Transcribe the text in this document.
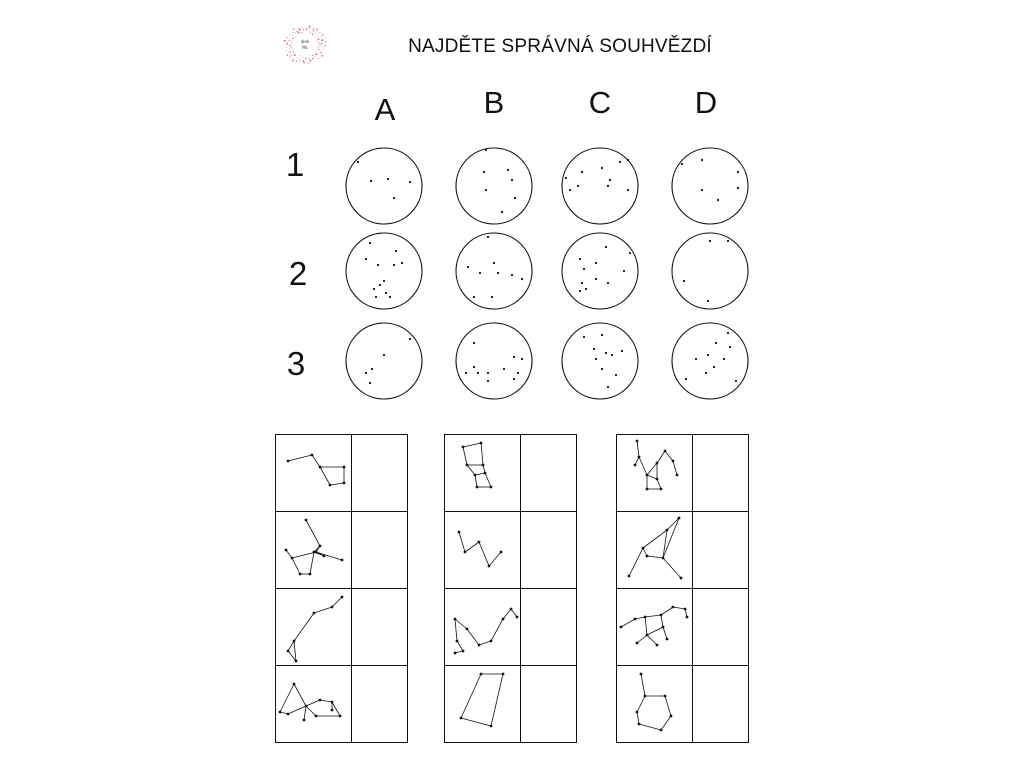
alek
Ms	NAJDĚTE SPRÁVNÁ SOUHVĚZDÍ
A	B	C	D
1
2
3
